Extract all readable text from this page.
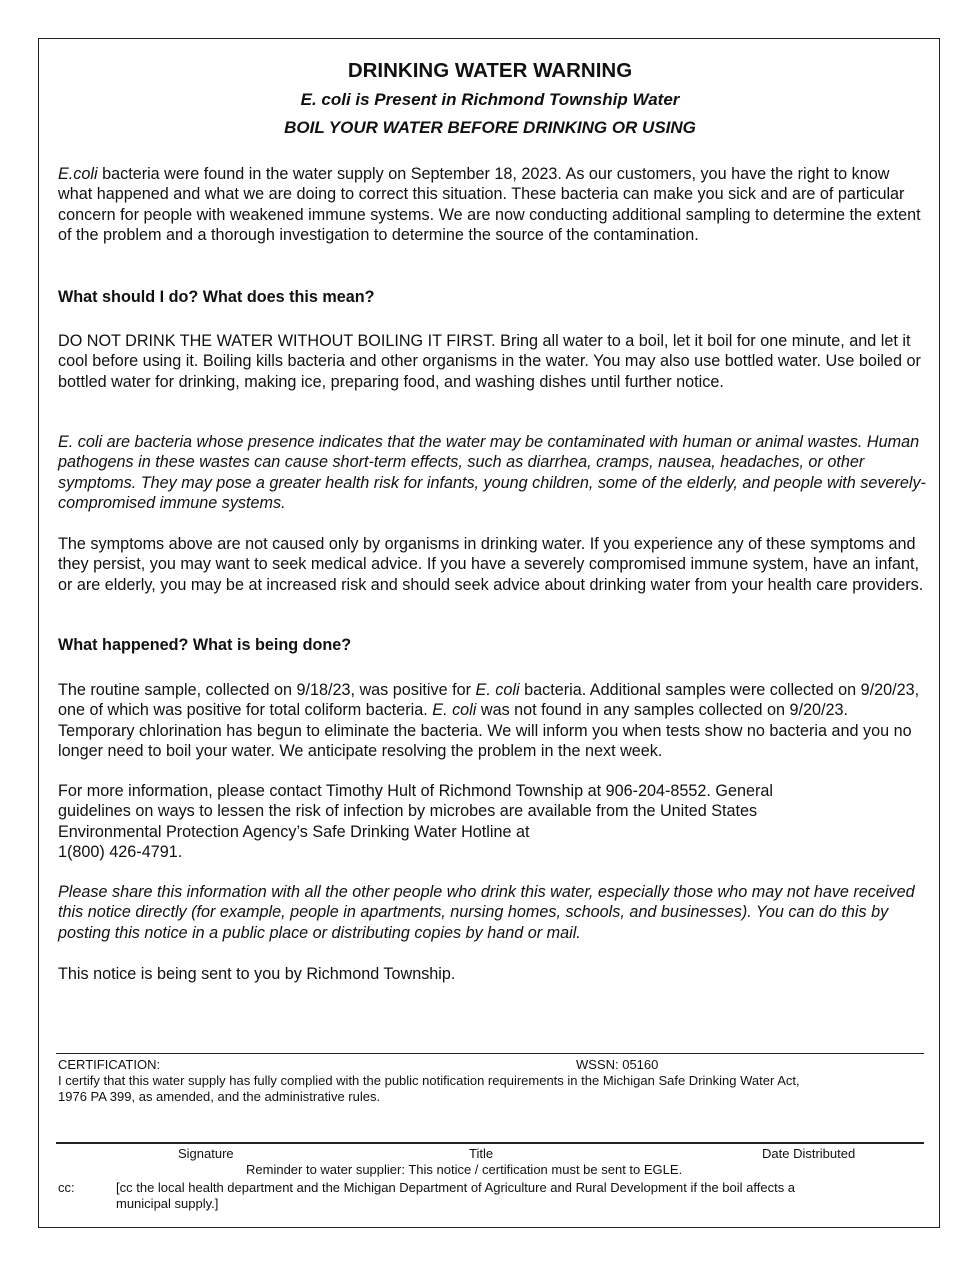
DRINKING WATER WARNING
E. coli is Present in Richmond Township Water
BOIL YOUR WATER BEFORE DRINKING OR USING

E.coli bacteria were found in the water supply on September 18, 2023. As our customers, you have the right to know what happened and what we are doing to correct this situation. These bacteria can make you sick and are of particular concern for people with weakened immune systems. We are now conducting additional sampling to determine the extent of the problem and a thorough investigation to determine the source of the contamination.

What should I do? What does this mean?

DO NOT DRINK THE WATER WITHOUT BOILING IT FIRST. Bring all water to a boil, let it boil for one minute, and let it cool before using it. Boiling kills bacteria and other organisms in the water. You may also use bottled water. Use boiled or bottled water for drinking, making ice, preparing food, and washing dishes until further notice.

E. coli are bacteria whose presence indicates that the water may be contaminated with human or animal wastes. Human pathogens in these wastes can cause short-term effects, such as diarrhea, cramps, nausea, headaches, or other symptoms. They may pose a greater health risk for infants, young children, some of the elderly, and people with severely-compromised immune systems.

The symptoms above are not caused only by organisms in drinking water. If you experience any of these symptoms and they persist, you may want to seek medical advice. If you have a severely compromised immune system, have an infant, or are elderly, you may be at increased risk and should seek advice about drinking water from your health care providers.

What happened? What is being done?

The routine sample, collected on 9/18/23, was positive for E. coli bacteria. Additional samples were collected on 9/20/23, one of which was positive for total coliform bacteria. E. coli was not found in any samples collected on 9/20/23. Temporary chlorination has begun to eliminate the bacteria. We will inform you when tests show no bacteria and you no longer need to boil your water. We anticipate resolving the problem in the next week.

For more information, please contact Timothy Hult of Richmond Township at 906-204-8552. General guidelines on ways to lessen the risk of infection by microbes are available from the United States Environmental Protection Agency’s Safe Drinking Water Hotline at
1(800) 426-4791.

Please share this information with all the other people who drink this water, especially those who may not have received this notice directly (for example, people in apartments, nursing homes, schools, and businesses). You can do this by posting this notice in a public place or distributing copies by hand or mail.

This notice is being sent to you by Richmond Township.

CERTIFICATION:	WSSN: 05160
I certify that this water supply has fully complied with the public notification requirements in the Michigan Safe Drinking Water Act,
1976 PA 399, as amended, and the administrative rules.
Signature	Title	Date Distributed
Reminder to water supplier: This notice / certification must be sent to EGLE.
cc:	[cc the local health department and the Michigan Department of Agriculture and Rural Development if the boil affects a
municipal supply.]
